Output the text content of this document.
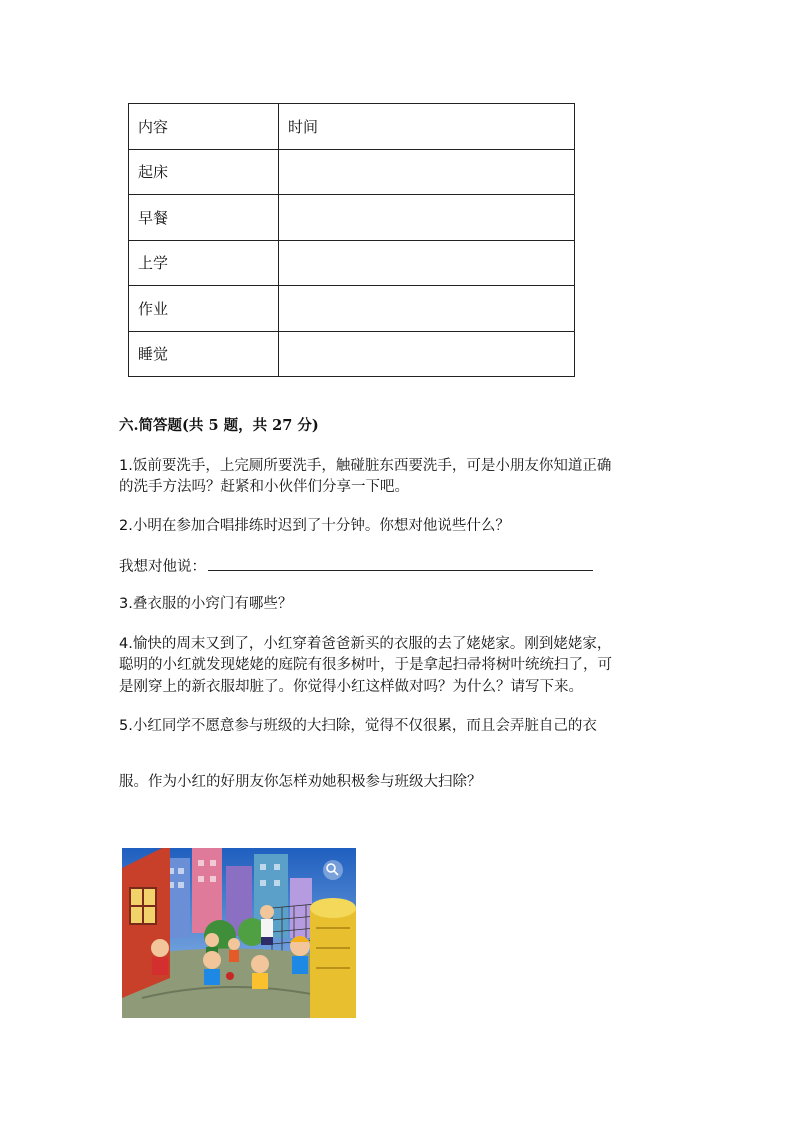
内容	时间
起床	
早餐	
上学	
作业	
睡觉	
六.简答题(共 5 题，共 27 分)
1.饭前要洗手，上完厕所要洗手，触碰脏东西要洗手，可是小朋友你知道正确
的洗手方法吗？赶紧和小伙伴们分享一下吧。
2.小明在参加合唱排练时迟到了十分钟。你想对他说些什么？
我想对他说：
3.叠衣服的小窍门有哪些？
4.愉快的周末又到了，小红穿着爸爸新买的衣服的去了姥姥家。刚到姥姥家，
聪明的小红就发现姥姥的庭院有很多树叶，于是拿起扫帚将树叶统统扫了，可
是刚穿上的新衣服却脏了。你觉得小红这样做对吗？为什么？请写下来。
5.小红同学不愿意参与班级的大扫除，觉得不仅很累，而且会弄脏自己的衣
服。作为小红的好朋友你怎样劝她积极参与班级大扫除？
